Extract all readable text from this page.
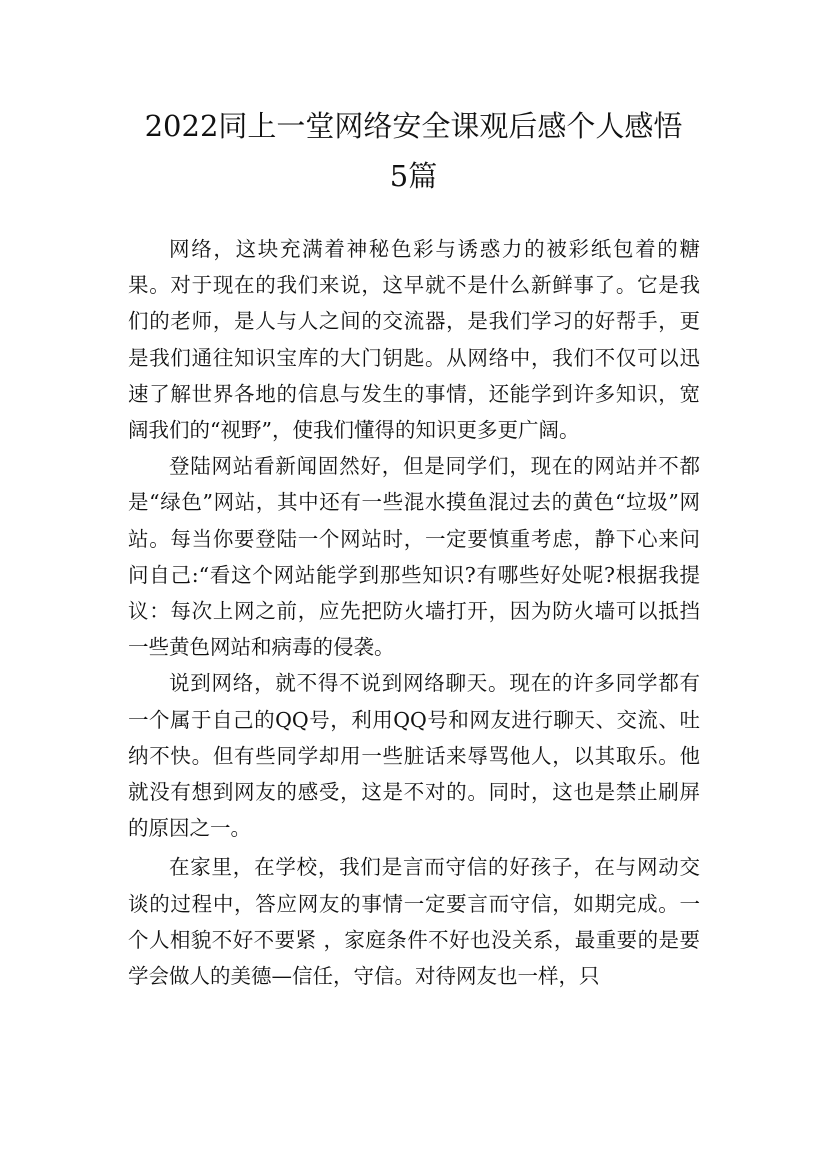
2022同上一堂网络安全课观后感个人感悟
5篇

网络，这块充满着神秘色彩与诱惑力的被彩纸包着的糖果。对于现在的我们来说，这早就不是什么新鲜事了。它是我们的老师，是人与人之间的交流器，是我们学习的好帮手，更是我们通往知识宝库的大门钥匙。从网络中，我们不仅可以迅速了解世界各地的信息与发生的事情，还能学到许多知识，宽阔我们的“视野”，使我们懂得的知识更多更广阔。

登陆网站看新闻固然好，但是同学们，现在的网站并不都是“绿色”网站，其中还有一些混水摸鱼混过去的黄色“垃圾”网站。每当你要登陆一个网站时，一定要慎重考虑，静下心来问问自己:“看这个网站能学到那些知识?有哪些好处呢?根据我提议：每次上网之前，应先把防火墙打开，因为防火墙可以抵挡一些黄色网站和病毒的侵袭。

说到网络，就不得不说到网络聊天。现在的许多同学都有一个属于自己的QQ号，利用QQ号和网友进行聊天、交流、吐纳不快。但有些同学却用一些脏话来辱骂他人，以其取乐。他就没有想到网友的感受，这是不对的。同时，这也是禁止刷屏的原因之一。

在家里，在学校，我们是言而守信的好孩子，在与网动交谈的过程中，答应网友的事情一定要言而守信，如期完成。一个人相貌不好不要紧 ，家庭条件不好也没关系，最重要的是要学会做人的美德—信任，守信。对待网友也一样，只
